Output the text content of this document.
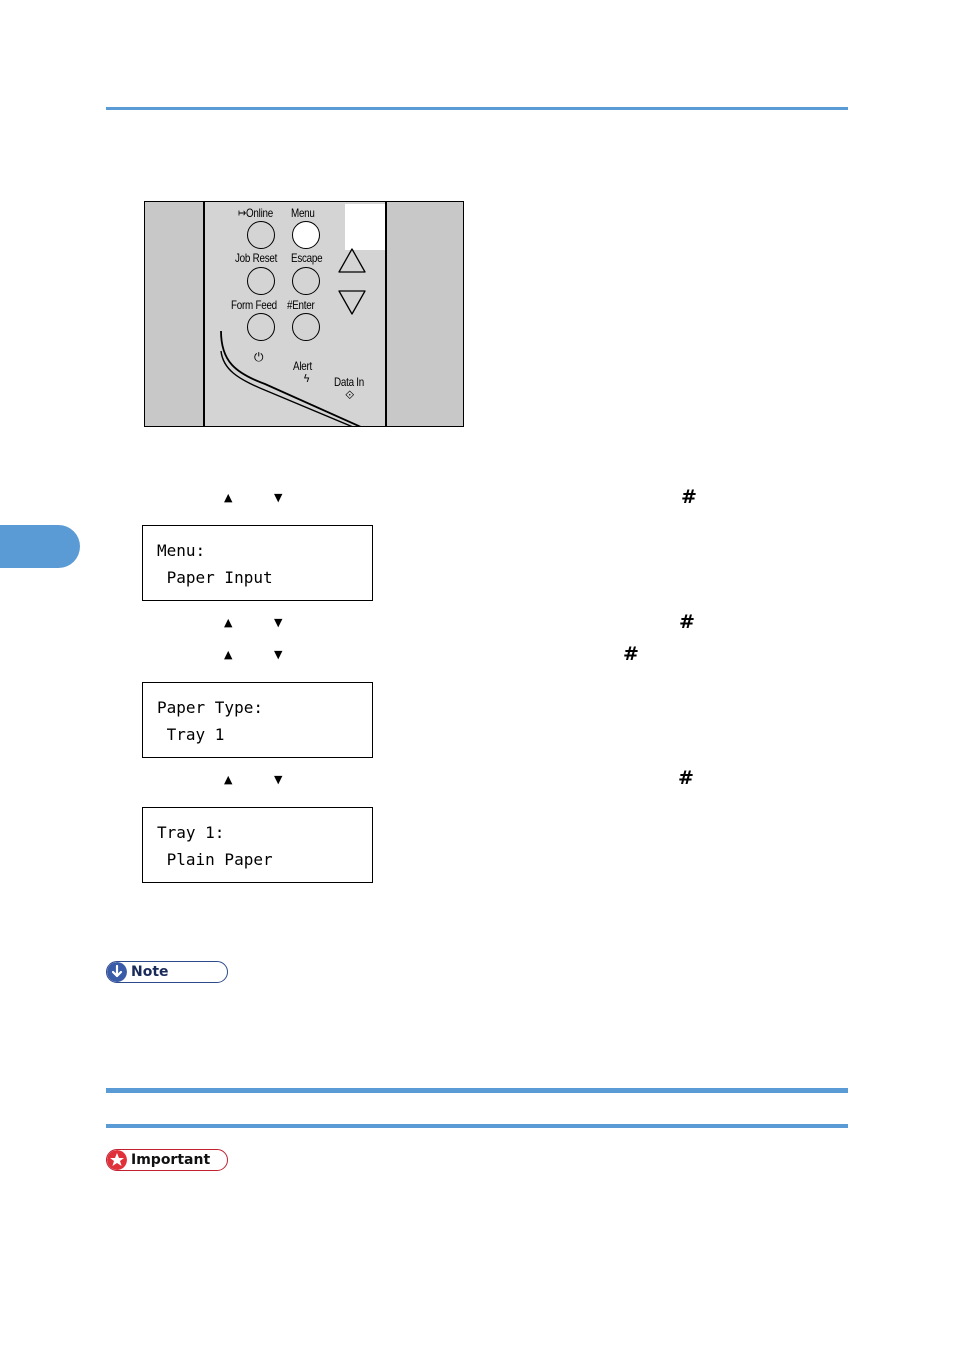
↦Online Menu
Job Reset Escape
Form Feed #Enter
⏻
Alert
ϟ Data In
⟐
▲	▼	#
Menu:
Paper Input
▲	▼	#
▲	▼	#
Paper Type:
Tray 1
▲	▼	#
Tray 1:
Plain Paper
Note
Important
